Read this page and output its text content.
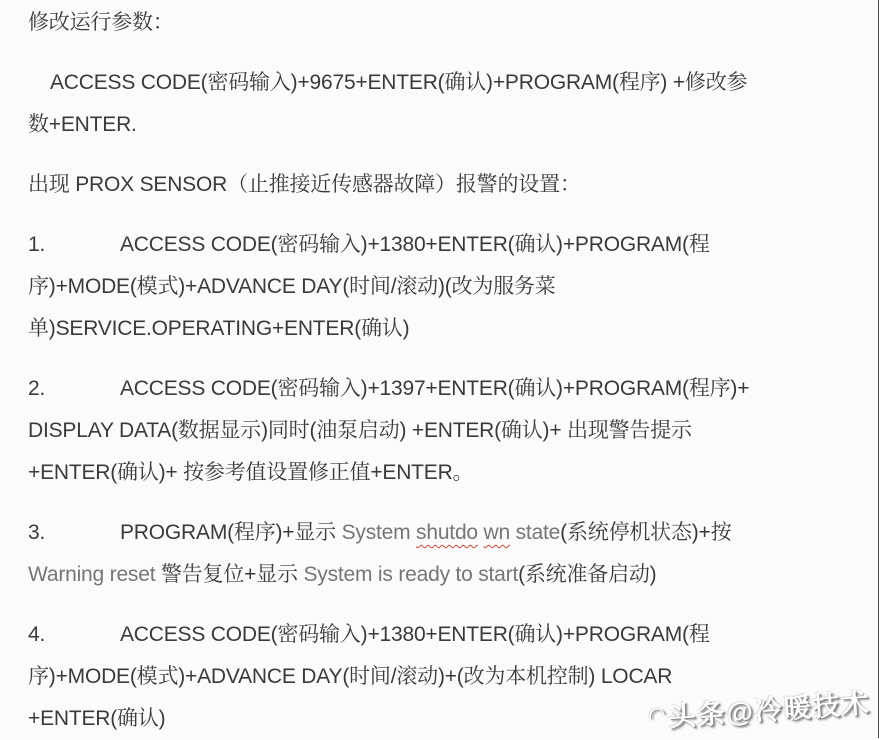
修改运行参数：
ACCESS CODE(密码输入)+9675+ENTER(确认)+PROGRAM(程序) +修改参
数+ENTER.
出现 PROX SENSOR（止推接近传感器故障）报警的设置：
1.	ACCESS CODE(密码输入)+1380+ENTER(确认)+PROGRAM(程
序)+MODE(模式)+ADVANCE DAY(时间/滚动)(改为服务菜
单)SERVICE.OPERATING+ENTER(确认)
2.	ACCESS CODE(密码输入)+1397+ENTER(确认)+PROGRAM(程序)+
DISPLAY DATA(数据显示)同时(油泵启动) +ENTER(确认)+ 出现警告提示
+ENTER(确认)+ 按参考值设置修正值+ENTER。
3.	PROGRAM(程序)+显示 System shutdo wn state(系统停机状态)+按
Warning reset 警告复位+显示 System is ready to start(系统准备启动)
4.	ACCESS CODE(密码输入)+1380+ENTER(确认)+PROGRAM(程
序)+MODE(模式)+ADVANCE DAY(时间/滚动)+(改为本机控制) LOCAR
+ENTER(确认)	◠头条@冷暖技术
